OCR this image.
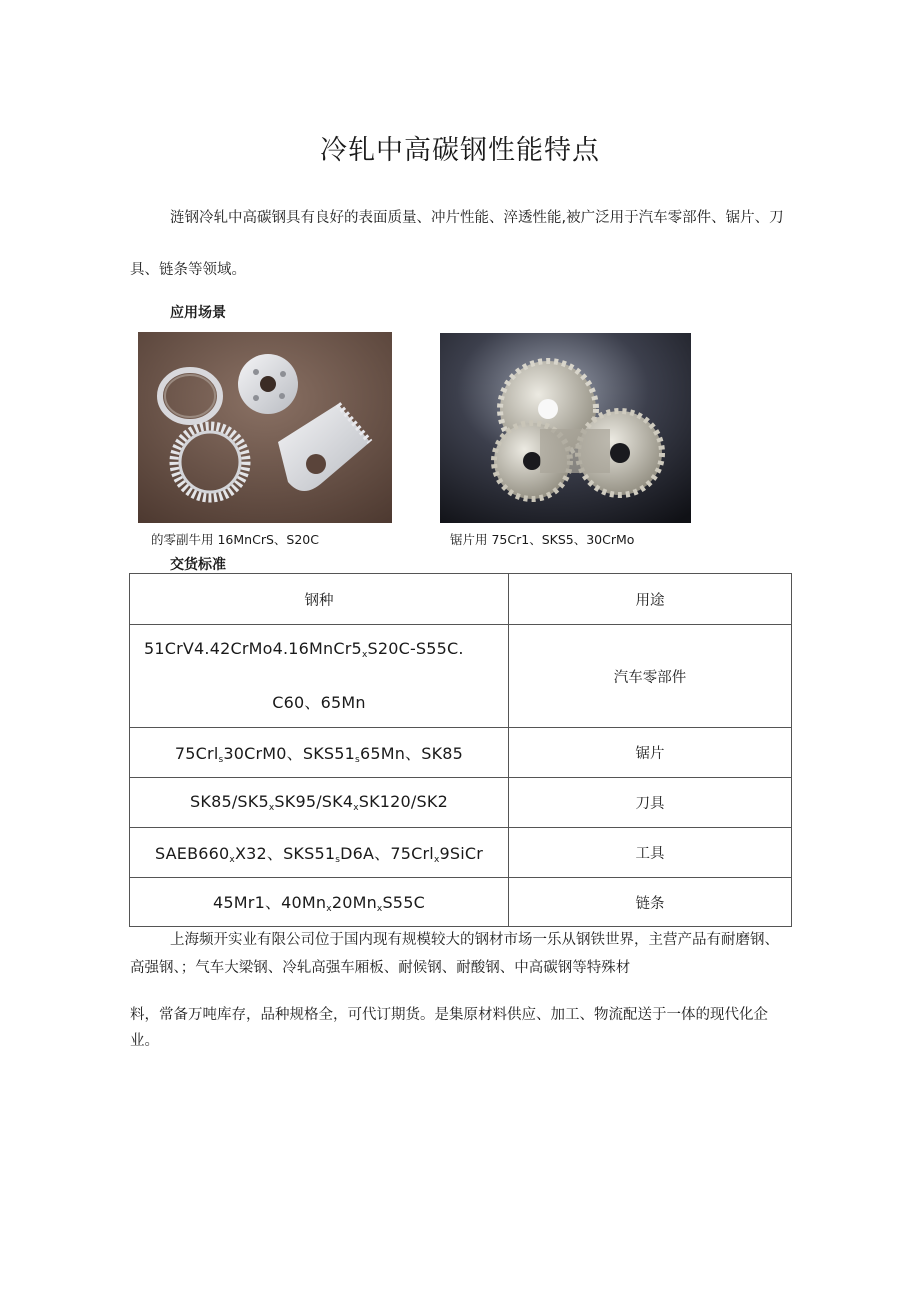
冷轧中高碳钢性能特点
涟钢冷轧中高碳钢具有良好的表面质量、冲片性能、淬透性能,被广泛用于汽车零部件、锯片、刀具、链条等领域。
应用场景
的零副牛用 16MnCrS、S20C	锯片用 75Cr1、SKS5、30CrMo
交货标准
钢种	用途

$51CrV4.42CrMo4.16MnCr5_xS20C-S55C$.
C60、65Mn	汽车零部件
75Crl$_s$30CrM0、$SKS51_s65Mn$、SK85	锯片
$SK85/SK5_xSK95/SK4_xSK120/SK2$	刀具
$SAEB660_xX32$、$SKS51_sD6A$、75Crl$_x$9SiCr	工具
45Mr1、$40Mn_x20Mn_xS55C$	链条
上海频开实业有限公司位于国内现有规模较大的钢材市场一乐从钢铁世界，主营产品有耐磨钢、高强钢、；气车大梁钢、冷轧高强车厢板、耐候钢、耐酸钢、中高碳钢等特殊材
料，常备万吨库存，品种规格全，可代订期货。是集原材料供应、加工、物流配送于一体的现代化企业。
